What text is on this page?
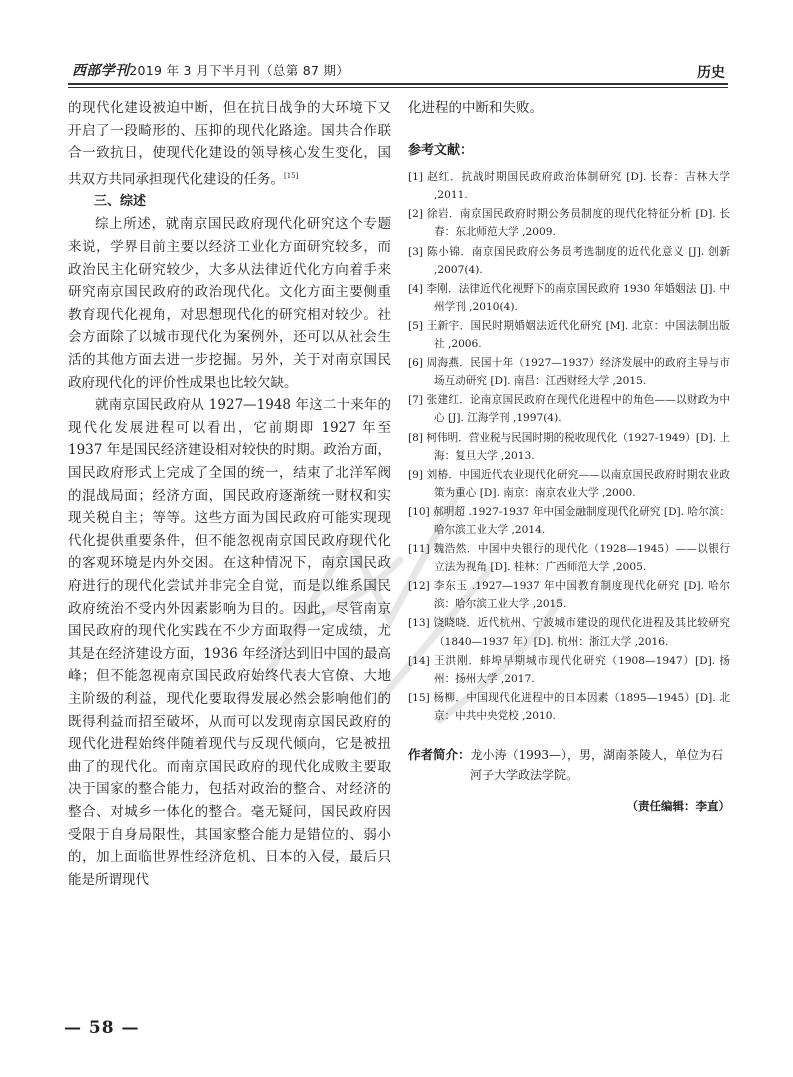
西部学刊2019 年 3 月下半月刊（总第 87 期）	历史

的现代化建设被迫中断，但在抗日战争的大环境下又开启了一段畸形的、压抑的现代化路途。国共合作联合一致抗日，使现代化建设的领导核心发生变化，国共双方共同承担现代化建设的任务。[15]

三、综述

综上所述，就南京国民政府现代化研究这个专题来说，学界目前主要以经济工业化方面研究较多，而政治民主化研究较少，大多从法律近代化方向着手来研究南京国民政府的政治现代化。文化方面主要侧重教育现代化视角，对思想现代化的研究相对较少。社会方面除了以城市现代化为案例外，还可以从社会生活的其他方面去进一步挖掘。另外，关于对南京国民政府现代化的评价性成果也比较欠缺。

就南京国民政府从 1927—1948 年这二十来年的现代化发展进程可以看出，它前期即 1927 年至 1937 年是国民经济建设相对较快的时期。政治方面，国民政府形式上完成了全国的统一，结束了北洋军阀的混战局面；经济方面，国民政府逐渐统一财权和实现关税自主；等等。这些方面为国民政府可能实现现代化提供重要条件，但不能忽视南京国民政府现代化的客观环境是内外交困。在这种情况下，南京国民政府进行的现代化尝试并非完全自觉，而是以维系国民政府统治不受内外因素影响为目的。因此，尽管南京国民政府的现代化实践在不少方面取得一定成绩，尤其是在经济建设方面，1936 年经济达到旧中国的最高峰；但不能忽视南京国民政府始终代表大官僚、大地主阶级的利益，现代化要取得发展必然会影响他们的既得利益而招至破坏，从而可以发现南京国民政府的现代化进程始终伴随着现代与反现代倾向，它是被扭曲了的现代化。而南京国民政府的现代化成败主要取决于国家的整合能力，包括对政治的整合、对经济的整合、对城乡一体化的整合。毫无疑问，国民政府因受限于自身局限性，其国家整合能力是错位的、弱小的，加上面临世界性经济危机、日本的入侵，最后只能是所谓现代

化进程的中断和失败。

参考文献：
[1] 赵红．抗战时期国民政府政治体制研究 [D]. 长春：吉林大学 ,2011.
[2] 徐岩．南京国民政府时期公务员制度的现代化特征分析 [D]. 长春：东北师范大学 ,2009.
[3] 陈小锦．南京国民政府公务员考选制度的近代化意义 [J]. 创新 ,2007(4).
[4] 李刚．法律近代化视野下的南京国民政府 1930 年婚姻法 [J]. 中州学刊 ,2010(4).
[5] 王新宇．国民时期婚姻法近代化研究 [M]. 北京：中国法制出版社 ,2006.
[6] 周海燕．民国十年（1927—1937）经济发展中的政府主导与市场互动研究 [D]. 南昌：江西财经大学 ,2015.
[7] 张建红．论南京国民政府在现代化进程中的角色——以财政为中心 [J]. 江海学刊 ,1997(4).
[8] 柯伟明．营业税与民国时期的税收现代化（1927-1949）[D]. 上海：复旦大学 ,2013.
[9] 刘椿．中国近代农业现代化研究——以南京国民政府时期农业政策为重心 [D]. 南京：南京农业大学 ,2000.
[10] 郝明超 .1927-1937 年中国金融制度现代化研究 [D]. 哈尔滨：哈尔滨工业大学 ,2014.
[11] 魏浩然．中国中央银行的现代化（1928—1945）——以银行立法为视角 [D]. 桂林：广西师范大学 ,2005.
[12] 李东玉 .1927—1937 年中国教育制度现代化研究 [D]. 哈尔滨：哈尔滨工业大学 ,2015.
[13] 饶晓晓．近代杭州、宁波城市建设的现代化进程及其比较研究（1840—1937 年）[D]. 杭州：浙江大学 ,2016.
[14] 王洪刚．蚌埠早期城市现代化研究（1908—1947）[D]. 扬州：扬州大学 ,2017.
[15] 杨柳．中国现代化进程中的日本因素（1895—1945）[D]. 北京：中共中央党校 ,2010.
作者简介：龙小涛（1993—），男，湖南茶陵人，单位为石河子大学政法学院。
（责任编辑：李直）
— 58 —
